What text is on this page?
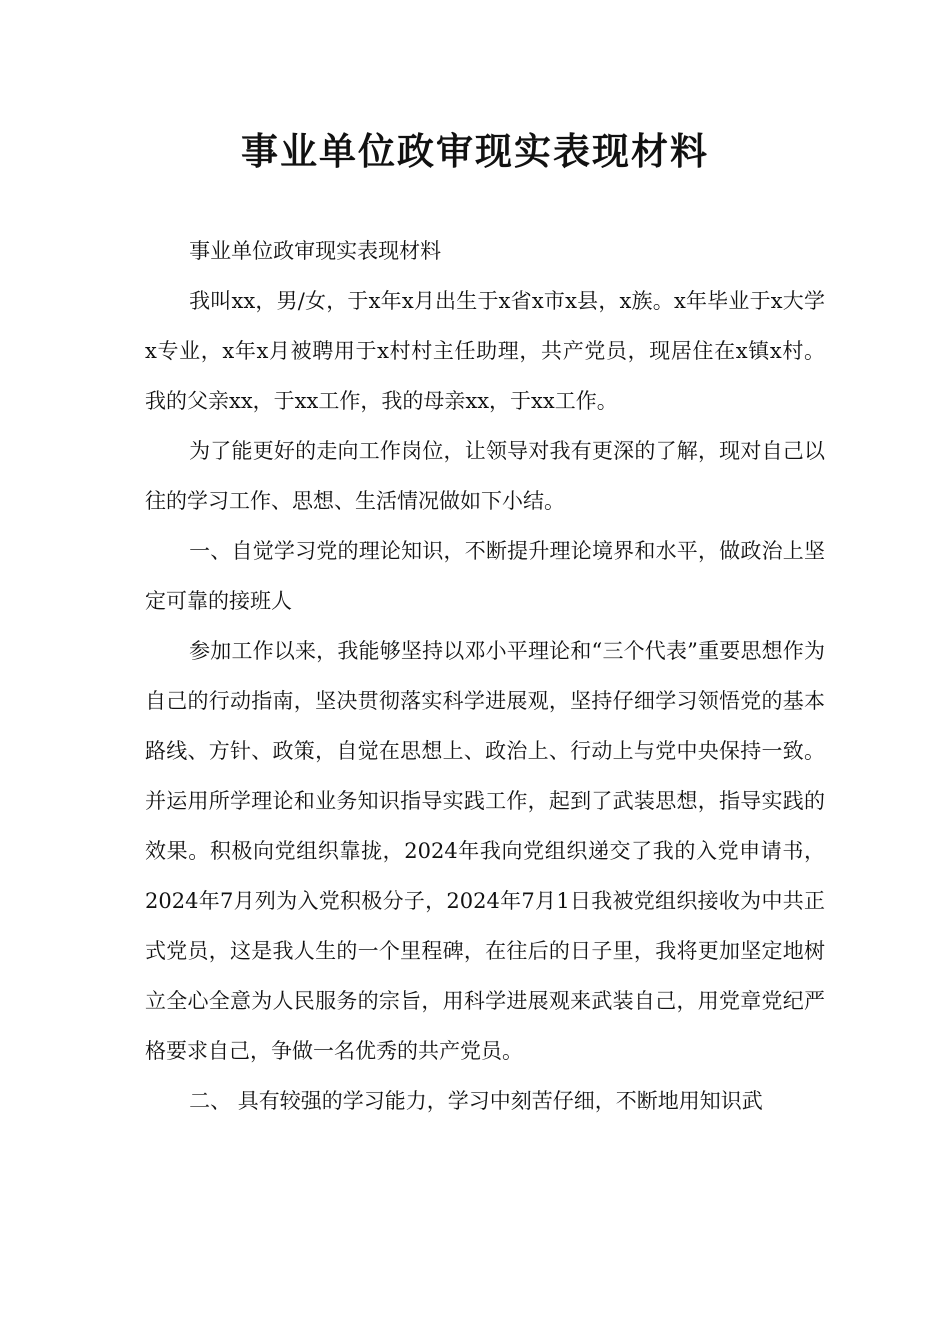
事业单位政审现实表现材料

事业单位政审现实表现材料

我叫xx，男/女，于x年x月出生于x省x市x县，x族。x年毕业于x大学x专业，x年x月被聘用于x村村主任助理，共产党员，现居住在x镇x村。我的父亲xx，于xx工作，我的母亲xx，于xx工作。

为了能更好的走向工作岗位，让领导对我有更深的了解，现对自己以往的学习工作、思想、生活情况做如下小结。

一、自觉学习党的理论知识，不断提升理论境界和水平，做政治上坚定可靠的接班人

参加工作以来，我能够坚持以邓小平理论和“三个代表”重要思想作为自己的行动指南，坚决贯彻落实科学进展观，坚持仔细学习领悟党的基本路线、方针、政策，自觉在思想上、政治上、行动上与党中央保持一致。并运用所学理论和业务知识指导实践工作，起到了武装思想，指导实践的效果。积极向党组织靠拢，2024年我向党组织递交了我的入党申请书，2024年7月列为入党积极分子，2024年7月1日我被党组织接收为中共正式党员，这是我人生的一个里程碑，在往后的日子里，我将更加坚定地树立全心全意为人民服务的宗旨，用科学进展观来武装自己，用党章党纪严格要求自己，争做一名优秀的共产党员。

二、 具有较强的学习能力，学习中刻苦仔细，不断地用知识武
